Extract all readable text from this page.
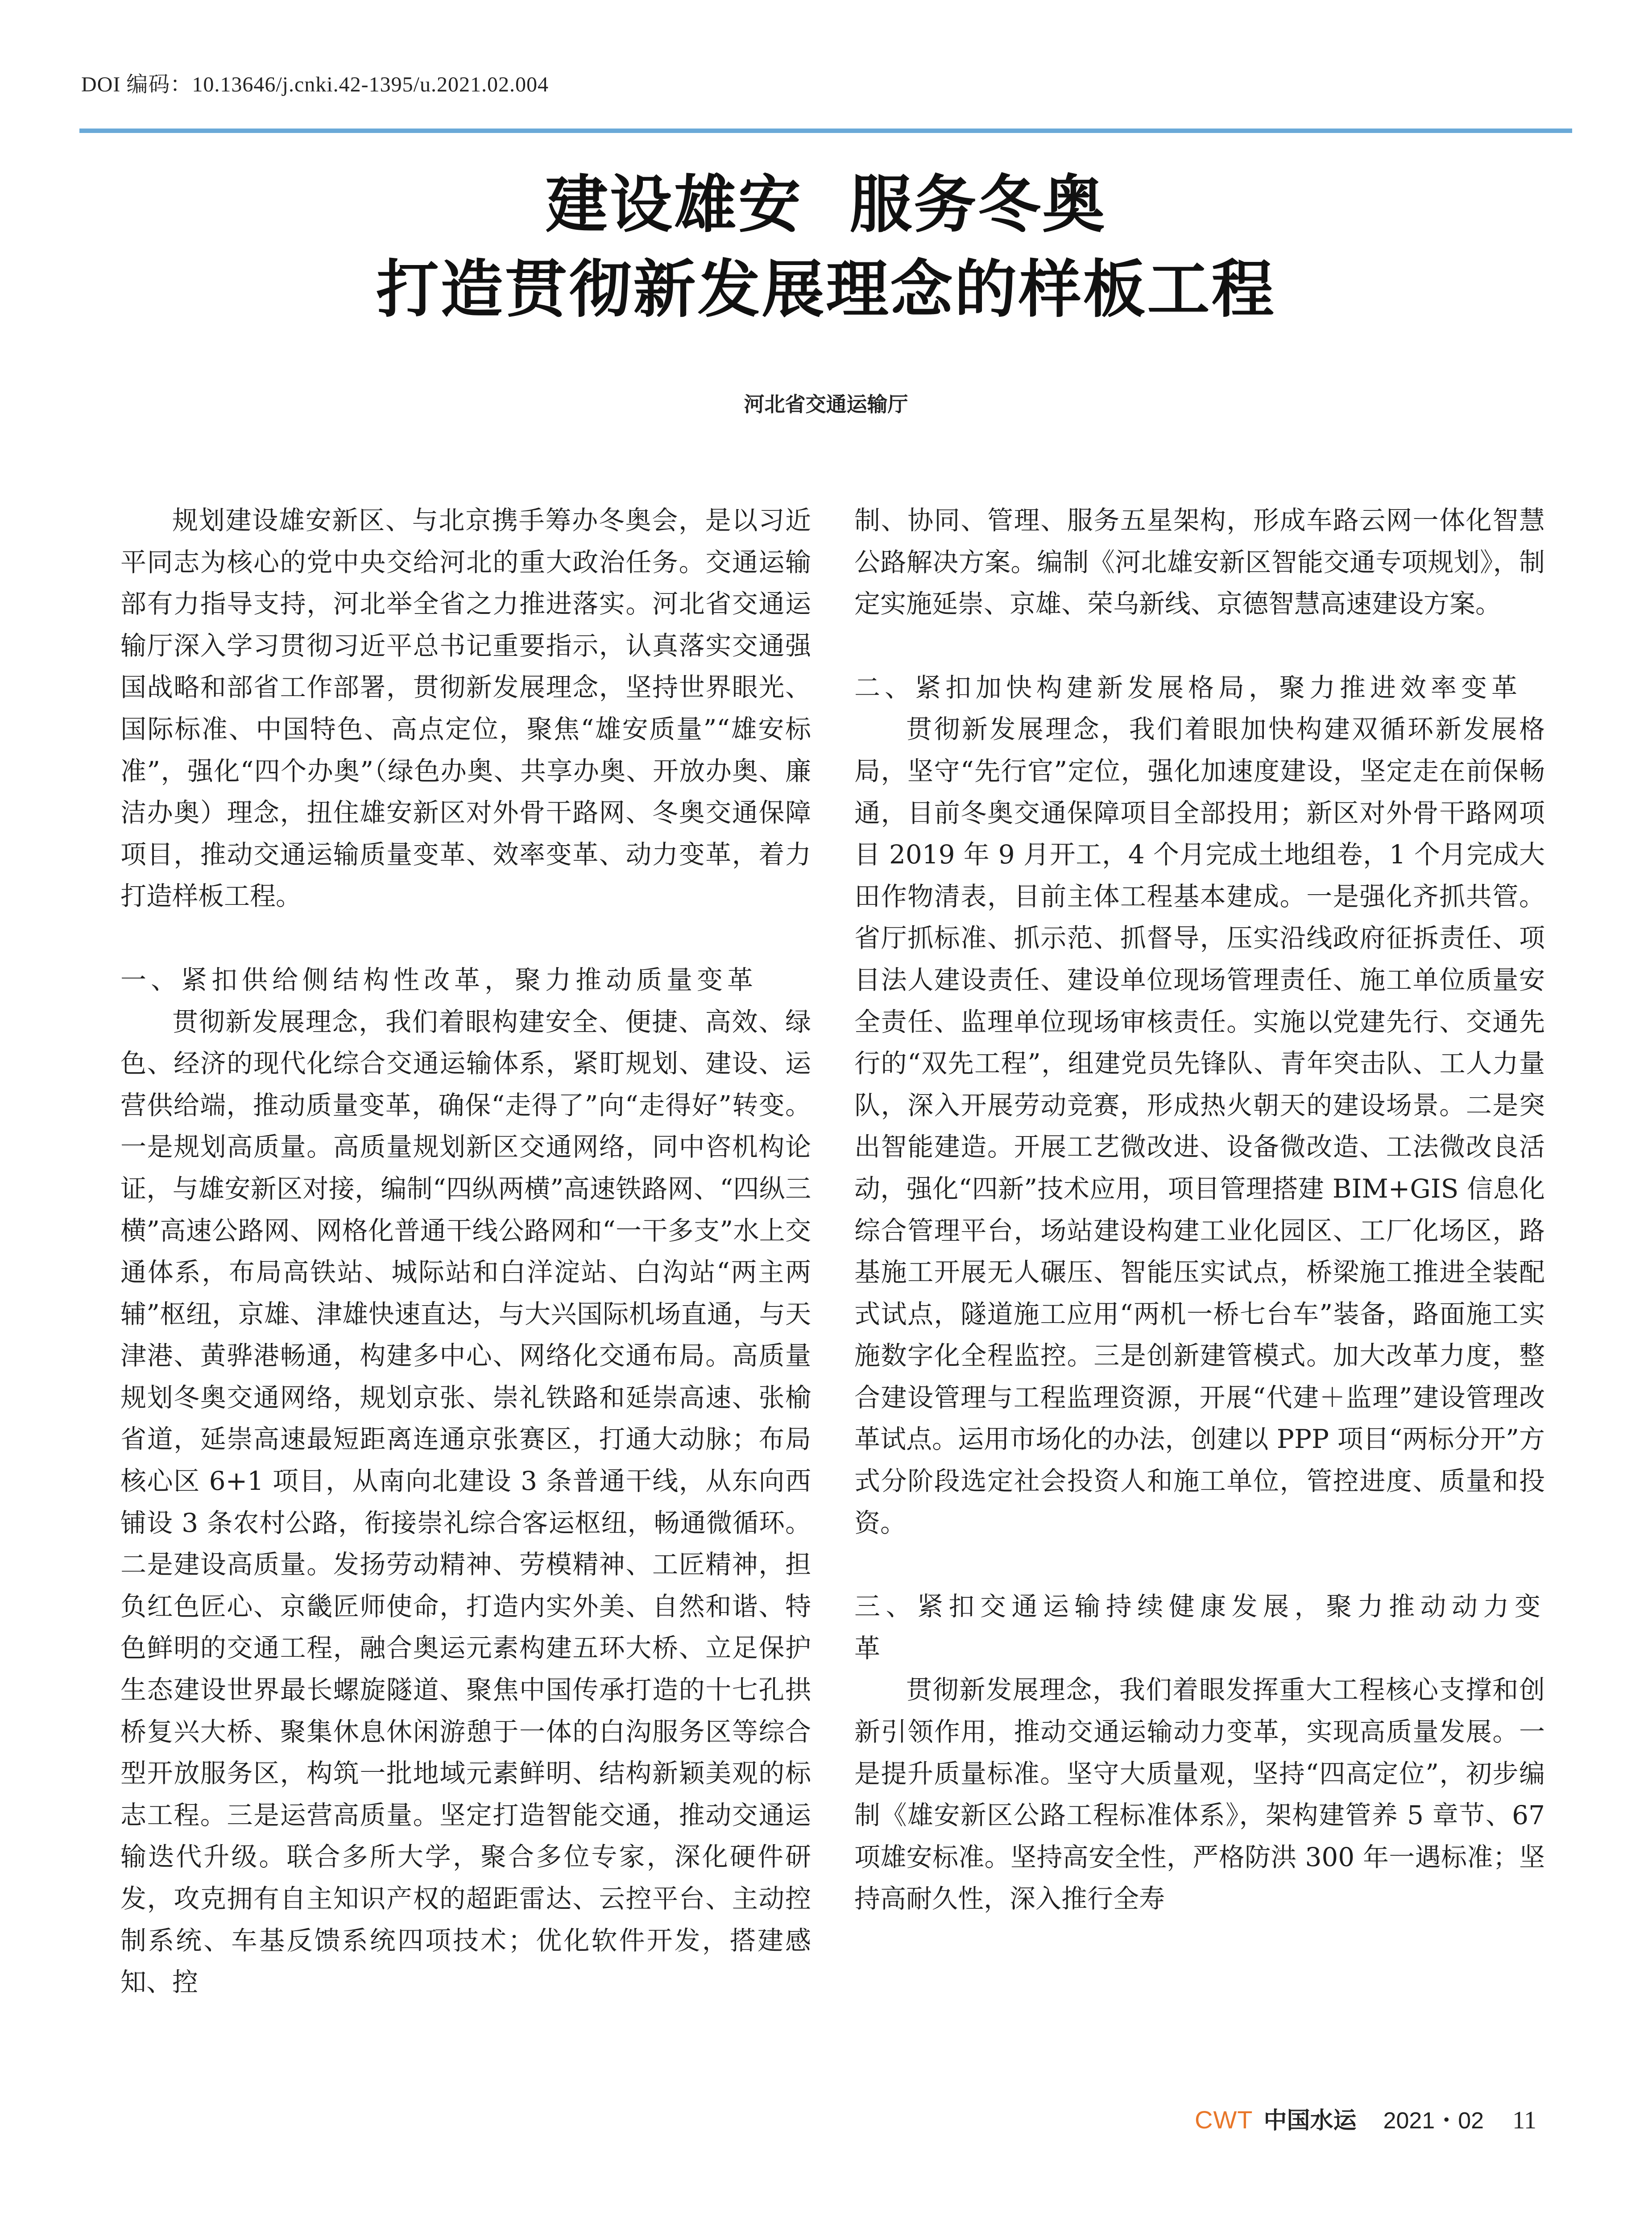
DOI 编码：10.13646/j.cnki.42-1395/u.2021.02.004
建设雄安  服务冬奥
打造贯彻新发展理念的样板工程
河北省交通运输厅

规划建设雄安新区、与北京携手筹办冬奥会，是以习近平同志为核心的党中央交给河北的重大政治任务。交通运输部有力指导支持，河北举全省之力推进落实。河北省交通运输厅深入学习贯彻习近平总书记重要指示，认真落实交通强国战略和部省工作部署，贯彻新发展理念，坚持世界眼光、国际标准、中国特色、高点定位，聚焦“雄安质量”“雄安标准”，强化“四个办奥”（绿色办奥、共享办奥、开放办奥、廉洁办奥）理念，扭住雄安新区对外骨干路网、冬奥交通保障项目，推动交通运输质量变革、效率变革、动力变革，着力打造样板工程。

一、紧扣供给侧结构性改革，聚力推动质量变革

贯彻新发展理念，我们着眼构建安全、便捷、高效、绿色、经济的现代化综合交通运输体系，紧盯规划、建设、运营供给端，推动质量变革，确保“走得了”向“走得好”转变。一是规划高质量。高质量规划新区交通网络，同中咨机构论证，与雄安新区对接，编制“四纵两横”高速铁路网、“四纵三横”高速公路网、网格化普通干线公路网和“一干多支”水上交通体系，布局高铁站、城际站和白洋淀站、白沟站“两主两辅”枢纽，京雄、津雄快速直达，与大兴国际机场直通，与天津港、黄骅港畅通，构建多中心、网络化交通布局。高质量规划冬奥交通网络，规划京张、崇礼铁路和延崇高速、张榆省道，延崇高速最短距离连通京张赛区，打通大动脉；布局核心区 6+1 项目，从南向北建设 3 条普通干线，从东向西铺设 3 条农村公路，衔接崇礼综合客运枢纽，畅通微循环。二是建设高质量。发扬劳动精神、劳模精神、工匠精神，担负红色匠心、京畿匠师使命，打造内实外美、自然和谐、特色鲜明的交通工程，融合奥运元素构建五环大桥、立足保护生态建设世界最长螺旋隧道、聚焦中国传承打造的十七孔拱桥复兴大桥、聚集休息休闲游憩于一体的白沟服务区等综合型开放服务区，构筑一批地域元素鲜明、结构新颖美观的标志工程。三是运营高质量。坚定打造智能交通，推动交通运输迭代升级。联合多所大学，聚合多位专家，深化硬件研发，攻克拥有自主知识产权的超距雷达、云控平台、主动控制系统、车基反馈系统四项技术；优化软件开发，搭建感知、控

制、协同、管理、服务五星架构，形成车路云网一体化智慧公路解决方案。编制《河北雄安新区智能交通专项规划》，制定实施延崇、京雄、荣乌新线、京德智慧高速建设方案。

二、紧扣加快构建新发展格局，聚力推进效率变革

贯彻新发展理念，我们着眼加快构建双循环新发展格局，坚守“先行官”定位，强化加速度建设，坚定走在前保畅通，目前冬奥交通保障项目全部投用；新区对外骨干路网项目 2019 年 9 月开工，4 个月完成土地组卷，1 个月完成大田作物清表，目前主体工程基本建成。一是强化齐抓共管。省厅抓标准、抓示范、抓督导，压实沿线政府征拆责任、项目法人建设责任、建设单位现场管理责任、施工单位质量安全责任、监理单位现场审核责任。实施以党建先行、交通先行的“双先工程”，组建党员先锋队、青年突击队、工人力量队，深入开展劳动竞赛，形成热火朝天的建设场景。二是突出智能建造。开展工艺微改进、设备微改造、工法微改良活动，强化“四新”技术应用，项目管理搭建 BIM+GIS 信息化综合管理平台，场站建设构建工业化园区、工厂化场区，路基施工开展无人碾压、智能压实试点，桥梁施工推进全装配式试点，隧道施工应用“两机一桥七台车”装备，路面施工实施数字化全程监控。三是创新建管模式。加大改革力度，整合建设管理与工程监理资源，开展“代建＋监理”建设管理改革试点。运用市场化的办法，创建以 PPP 项目“两标分开”方式分阶段选定社会投资人和施工单位，管控进度、质量和投资。

三、紧扣交通运输持续健康发展，聚力推动动力变革

贯彻新发展理念，我们着眼发挥重大工程核心支撑和创新引领作用，推动交通运输动力变革，实现高质量发展。一是提升质量标准。坚守大质量观，坚持“四高定位”，初步编制《雄安新区公路工程标准体系》，架构建管养 5 章节、67 项雄安标准。坚持高安全性，严格防洪 300 年一遇标准；坚持高耐久性，深入推行全寿

CWT 中国水运 2021・02 11
